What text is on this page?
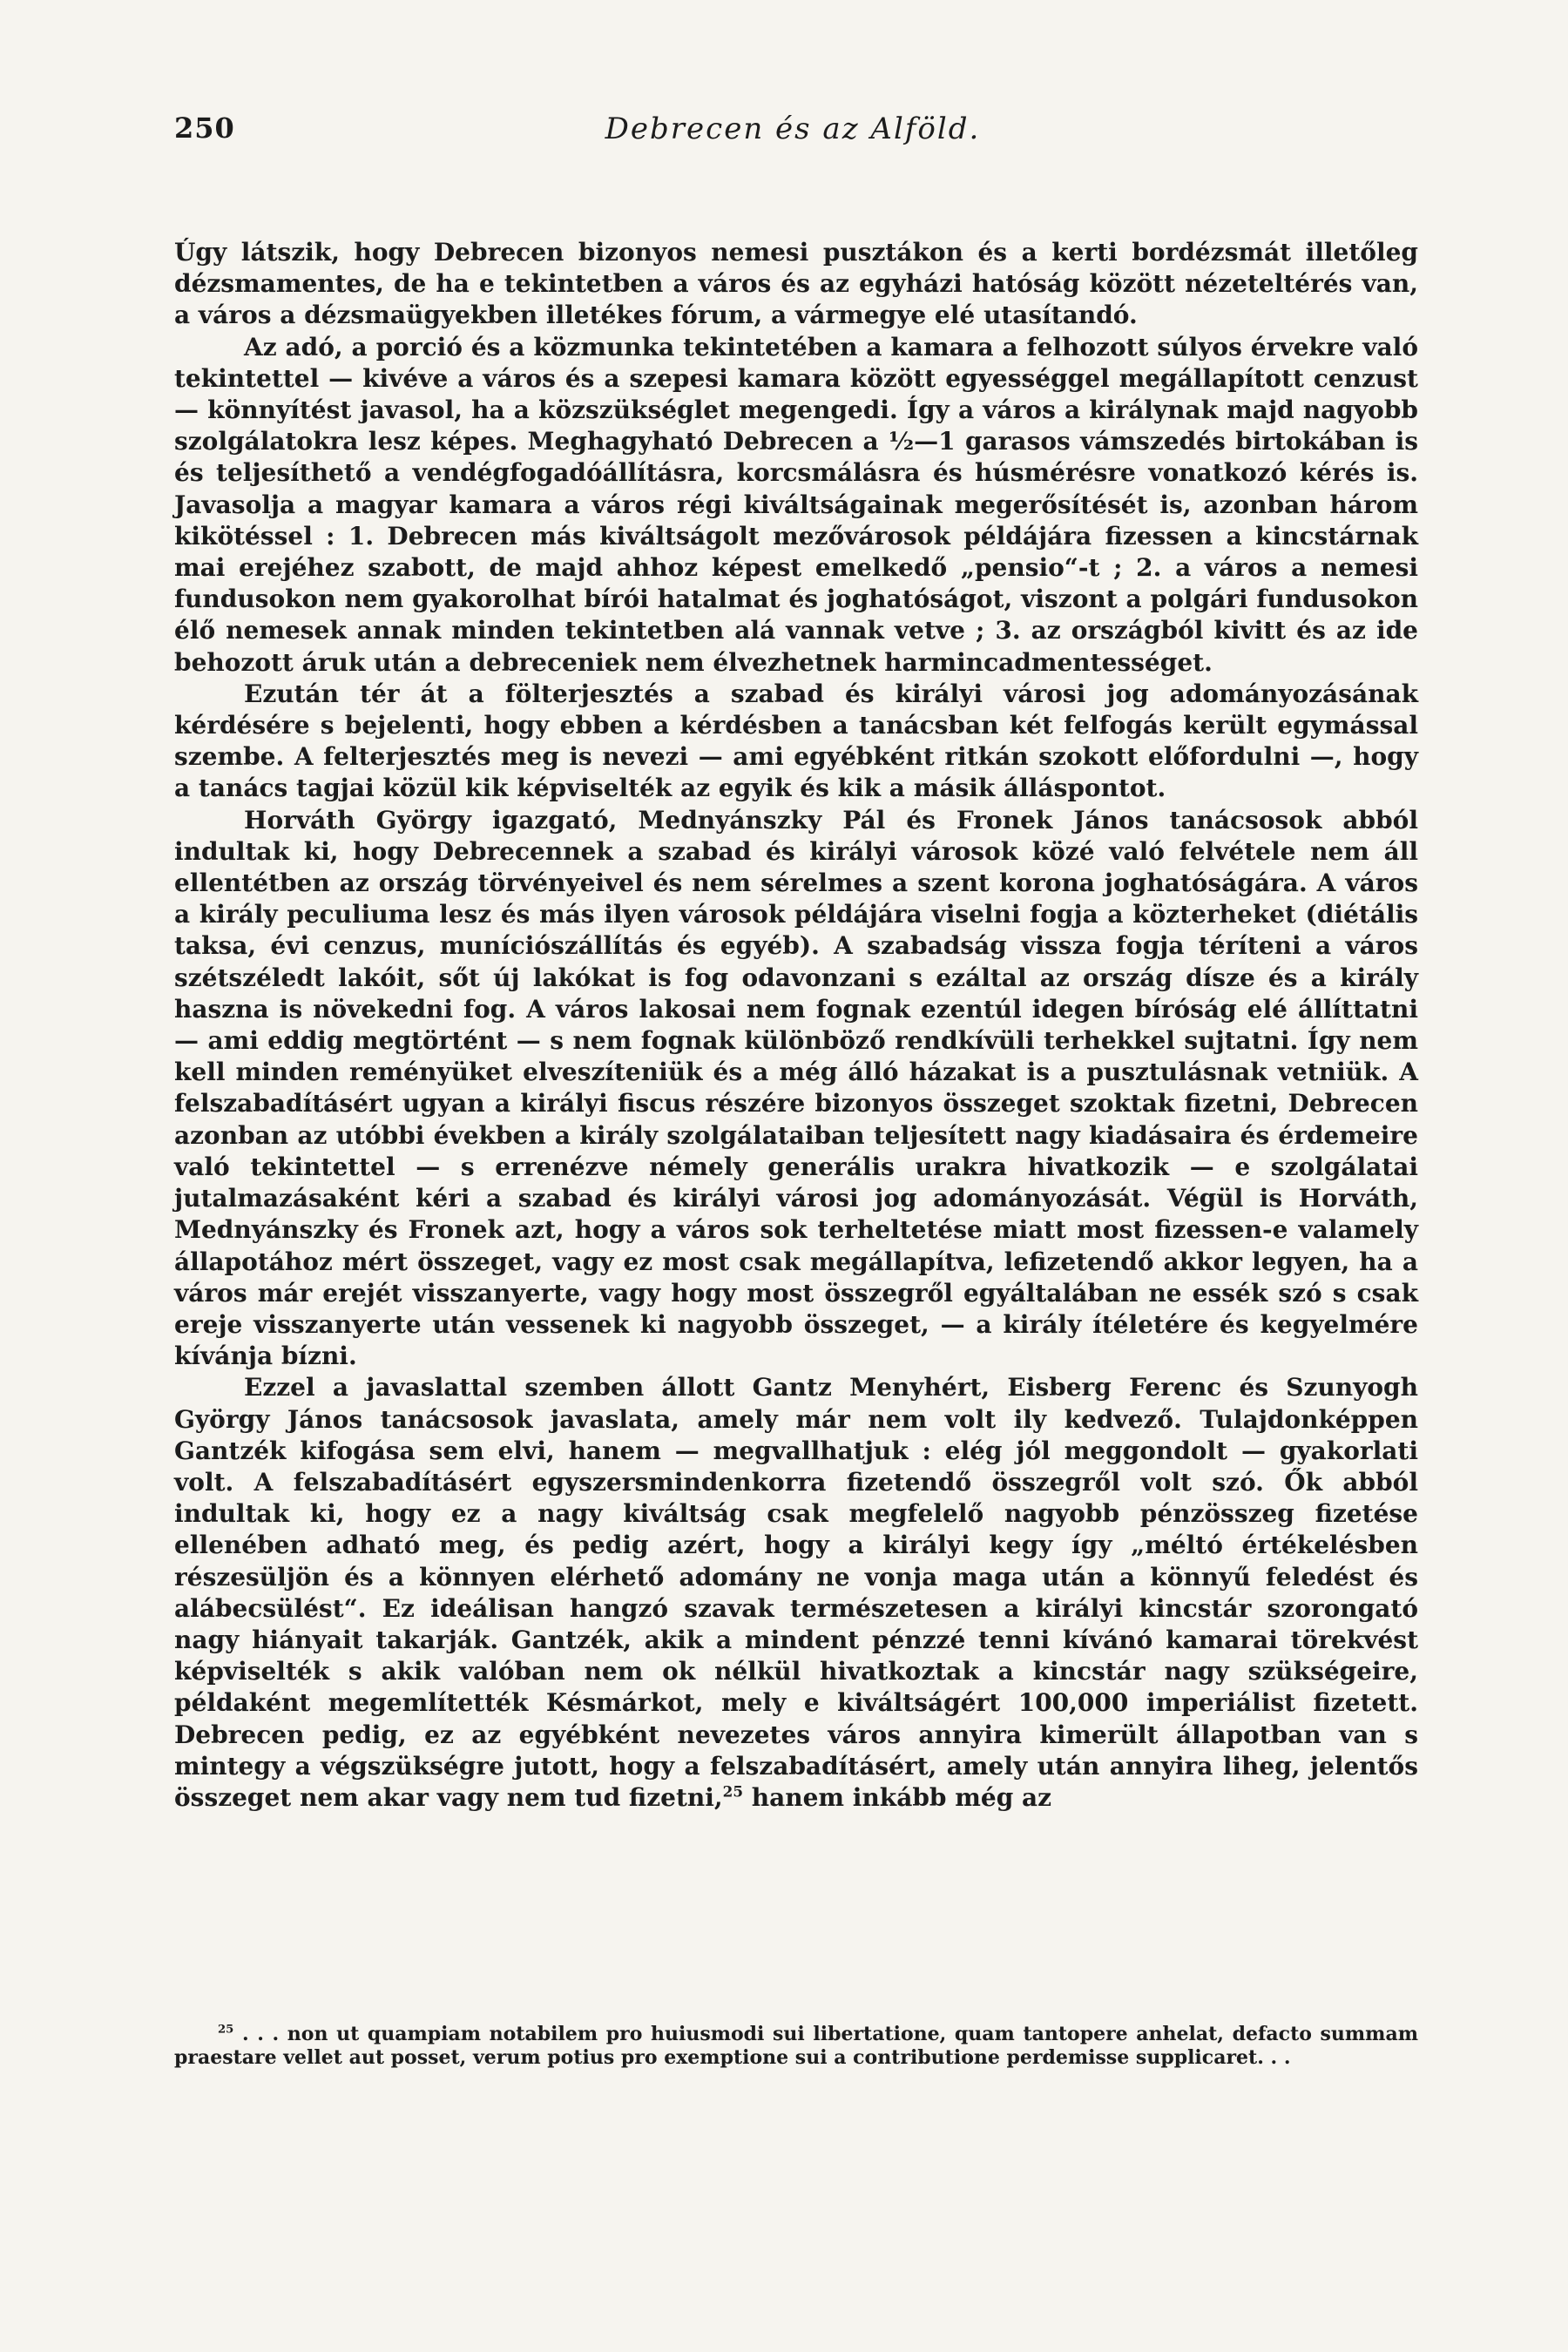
250	Debrecen és az Alföld.

Úgy látszik, hogy Debrecen bizonyos nemesi pusztákon és a kerti bordézsmát illetőleg dézsmamentes, de ha e tekintetben a város és az egyházi hatóság között nézeteltérés van, a város a dézsmaügyekben illetékes fórum, a vármegye elé utasítandó.

Az adó, a porció és a közmunka tekintetében a kamara a felhozott súlyos érvekre való tekintettel — kivéve a város és a szepesi kamara között egyességgel megállapított cenzust — könnyítést javasol, ha a közszükséglet megengedi. Így a város a királynak majd nagyobb szolgálatokra lesz képes. Meghagyható Debrecen a ½—1 garasos vámszedés birtokában is és teljesíthető a vendégfogadóállításra, korcsmálásra és húsmérésre vonatkozó kérés is. Javasolja a magyar kamara a város régi kiváltságainak megerősítését is, azonban három kikötéssel : 1. Debrecen más kiváltságolt mezővárosok példájára fizessen a kincstárnak mai erejéhez szabott, de majd ahhoz képest emelkedő „pensio“-t ; 2. a város a nemesi fundusokon nem gyakorolhat bírói hatalmat és joghatóságot, viszont a polgári fundusokon élő nemesek annak minden tekintetben alá vannak vetve ; 3. az országból kivitt és az ide behozott áruk után a debreceniek nem élvezhetnek harmincadmentességet.

Ezután tér át a fölterjesztés a szabad és királyi városi jog adományozásának kérdésére s bejelenti, hogy ebben a kérdésben a tanácsban két felfogás került egymással szembe. A felterjesztés meg is nevezi — ami egyébként ritkán szokott előfordulni —, hogy a tanács tagjai közül kik képviselték az egyik és kik a másik álláspontot.

Horváth György igazgató, Mednyánszky Pál és Fronek János tanácsosok abból indultak ki, hogy Debrecennek a szabad és királyi városok közé való felvétele nem áll ellentétben az ország törvényeivel és nem sérelmes a szent korona joghatóságára. A város a király peculiuma lesz és más ilyen városok példájára viselni fogja a közterheket (diétális taksa, évi cenzus, muníciószállítás és egyéb). A szabadság vissza fogja téríteni a város szétszéledt lakóit, sőt új lakókat is fog odavonzani s ezáltal az ország dísze és a király haszna is növekedni fog. A város lakosai nem fognak ezentúl idegen bíróság elé állíttatni — ami eddig megtörtént — s nem fognak különböző rendkívüli terhekkel sujtatni. Így nem kell minden reményüket elveszíteniük és a még álló házakat is a pusztulásnak vetniük. A felszabadításért ugyan a királyi fiscus részére bizonyos összeget szoktak fizetni, Debrecen azonban az utóbbi években a király szolgálataiban teljesített nagy kiadásaira és érdemeire való tekintettel — s errenézve némely generális urakra hivatkozik — e szolgálatai jutalmazásaként kéri a szabad és királyi városi jog adományozását. Végül is Horváth, Mednyánszky és Fronek azt, hogy a város sok terheltetése miatt most fizessen-e valamely állapotához mért összeget, vagy ez most csak megállapítva, lefizetendő akkor legyen, ha a város már erejét visszanyerte, vagy hogy most összegről egyáltalában ne essék szó s csak ereje visszanyerte után vessenek ki nagyobb összeget, — a király ítéletére és kegyelmére kívánja bízni.

Ezzel a javaslattal szemben állott Gantz Menyhért, Eisberg Ferenc és Szunyogh György János tanácsosok javaslata, amely már nem volt ily kedvező. Tulajdonképpen Gantzék kifogása sem elvi, hanem — megvallhatjuk : elég jól meggondolt — gyakorlati volt. A felszabadításért egyszersmindenkorra fizetendő összegről volt szó. Ők abból indultak ki, hogy ez a nagy kiváltság csak megfelelő nagyobb pénzösszeg fizetése ellenében adható meg, és pedig azért, hogy a királyi kegy így „méltó értékelésben részesüljön és a könnyen elérhető adomány ne vonja maga után a könnyű feledést és alábecsülést“. Ez ideálisan hangzó szavak természetesen a királyi kincstár szorongató nagy hiányait takarják. Gantzék, akik a mindent pénzzé tenni kívánó kamarai törekvést képviselték s akik valóban nem ok nélkül hivatkoztak a kincstár nagy szükségeire, példaként megemlítették Késmárkot, mely e kiváltságért 100,000 imperiálist fizetett. Debrecen pedig, ez az egyébként nevezetes város annyira kimerült állapotban van s mintegy a végszükségre jutott, hogy a felszabadításért, amely után annyira liheg, jelentős összeget nem akar vagy nem tud fizetni,$^{25}$ hanem inkább még az

$^{25}$ . . . non ut quampiam notabilem pro huiusmodi sui libertatione, quam tantopere anhelat, defacto summam praestare vellet aut posset, verum potius pro exemptione sui a contributione perdemisse supplicaret. . .
